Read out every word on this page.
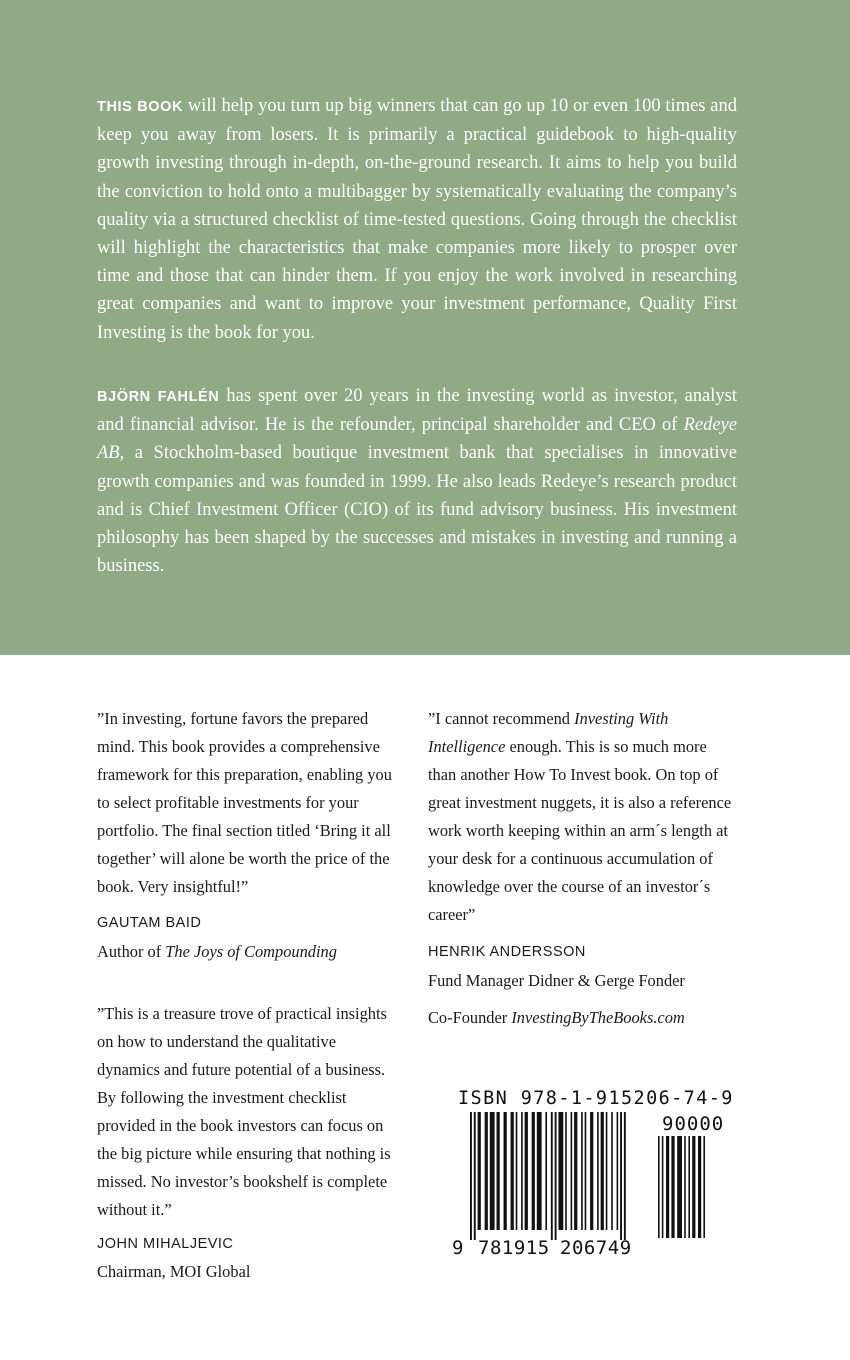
THIS BOOK will help you turn up big winners that can go up 10 or even 100 times and keep you away from losers. It is primarily a practical guidebook to high-quality growth investing through in-depth, on-the-ground research. It aims to help you build the conviction to hold onto a multibagger by systematically evaluating the company’s quality via a structured checklist of time-tested questions. Going through the checklist will highlight the characteristics that make companies more likely to prosper over time and those that can hinder them. If you enjoy the work involved in researching great companies and want to improve your investment performance, Quality First Investing is the book for you.

BJÖRN FAHLÉN has spent over 20 years in the investing world as investor, analyst and financial advisor. He is the refounder, principal shareholder and CEO of Redeye AB, a Stockholm-based boutique investment bank that specialises in innovative growth companies and was founded in 1999. He also leads Redeye’s research product and is Chief Investment Officer (CIO) of its fund advisory business. His investment philosophy has been shaped by the successes and mistakes in investing and running a business.

”In investing, fortune favors the prepared mind. This book provides a comprehensive framework for this preparation, enabling you to select profitable investments for your portfolio. The final section titled ‘Bring it all together’ will alone be worth the price of the book. Very insightful!”

GAUTAM BAID

Author of The Joys of Compounding

”This is a treasure trove of practical insights on how to understand the qualitative dynamics and future potential of a business. By following the investment checklist provided in the book investors can focus on the big picture while ensuring that nothing is missed. No investor’s bookshelf is complete without it.”

JOHN MIHALJEVIC

Chairman, MOI Global

”I cannot recommend Investing With Intelligence enough. This is so much more than another How To Invest book. On top of great investment nuggets, it is also a reference work worth keeping within an arm´s length at your desk for a continuous accumulation of knowledge over the course of an investor´s career”

HENRIK ANDERSSON

Fund Manager Didner & Gerge Fonder

Co-Founder InvestingByTheBooks.com

ISBN 978-1-915206-74-9

9 781915 206749
90000
